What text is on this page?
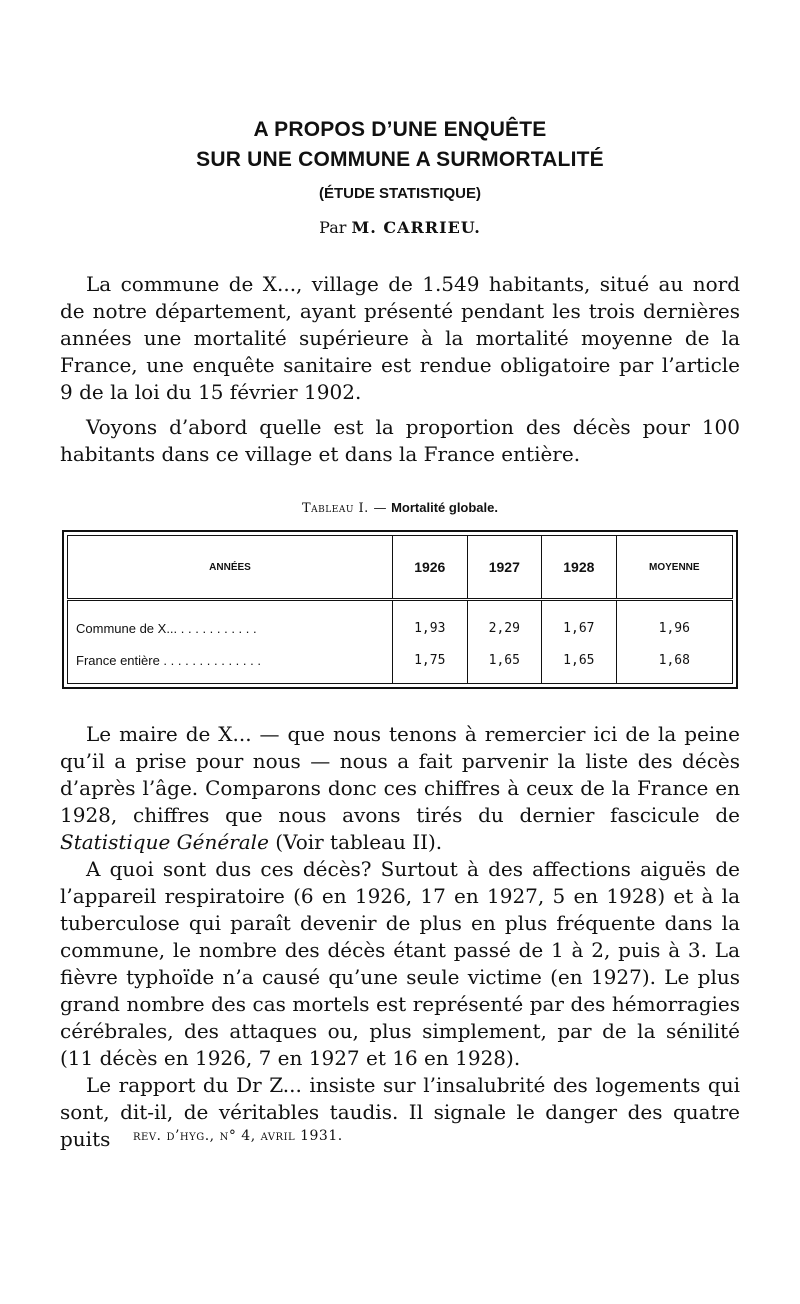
A PROPOS D’UNE ENQUÊTE
SUR UNE COMMUNE A SURMORTALITÉ
(ÉTUDE STATISTIQUE)
Par M. CARRIEU.

La commune de X..., village de 1.549 habitants, situé au nord de notre département, ayant présenté pendant les trois dernières années une mortalité supérieure à la mortalité moyenne de la France, une enquête sanitaire est rendue obligatoire par l’article 9 de la loi du 15 février 1902.

Voyons d’abord quelle est la proportion des décès pour 100 habitants dans ce village et dans la France entière.

Tableau I. — Mortalité globale.
ANNÉES	1926	1927	1928	MOYENNE
Commune de X... . . . . . . . . . . .	1,93	2,29	1,67	1,96
France entière . . . . . . . . . . . . . .	1,75	1,65	1,65	1,68

Le maire de X... — que nous tenons à remercier ici de la peine qu’il a prise pour nous — nous a fait parvenir la liste des décès d’après l’âge. Comparons donc ces chiffres à ceux de la France en 1928, chiffres que nous avons tirés du dernier fascicule de Statistique Générale (Voir tableau II).

A quoi sont dus ces décès? Surtout à des affections aiguës de l’appareil respiratoire (6 en 1926, 17 en 1927, 5 en 1928) et à la tuberculose qui paraît devenir de plus en plus fréquente dans la commune, le nombre des décès étant passé de 1 à 2, puis à 3. La fièvre typhoïde n’a causé qu’une seule victime (en 1927). Le plus grand nombre des cas mortels est représenté par des hémorragies cérébrales, des attaques ou, plus simplement, par de la sénilité (11 décès en 1926, 7 en 1927 et 16 en 1928).

Le rapport du Dr Z... insiste sur l’insalubrité des logements qui sont, dit-il, de véritables taudis. Il signale le danger des quatre puits	rev. d’hyg., n° 4, avril 1931.
